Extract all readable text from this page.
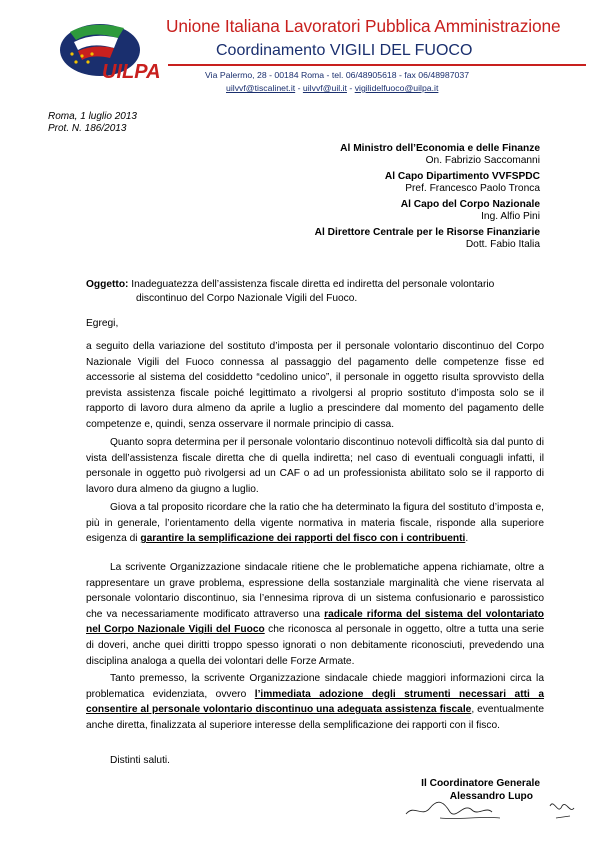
UILPA
Unione Italiana Lavoratori Pubblica Amministrazione
Coordinamento VIGILI DEL FUOCO
Via Palermo, 28 - 00184 Roma - tel. 06/48905618 - fax 06/48987037
uilvvf@tiscalinet.it - uilvvf@uil.it - vigilidelfuoco@uilpa.it
Roma, 1 luglio 2013
Prot. N. 186/2013
Al Ministro dell’Economia e delle Finanze
On. Fabrizio Saccomanni
Al Capo Dipartimento VVFSPDC
Pref. Francesco Paolo Tronca
Al Capo del Corpo Nazionale
Ing. Alfio Pini
Al Direttore Centrale per le Risorse Finanziarie
Dott. Fabio Italia
Oggetto: Inadeguatezza dell’assistenza fiscale diretta ed indiretta del personale volontario
discontinuo del Corpo Nazionale Vigili del Fuoco.
Egregi,
a seguito della variazione del sostituto d’imposta per il personale volontario discontinuo del Corpo Nazionale Vigili del Fuoco connessa al passaggio del pagamento delle competenze fisse ed accessorie al sistema del cosiddetto “cedolino unico”, il personale in oggetto risulta sprovvisto della prevista assistenza fiscale poiché legittimato a rivolgersi al proprio sostituto d’imposta solo se il rapporto di lavoro dura almeno da aprile a luglio a prescindere dal momento del pagamento delle competenze e, quindi, senza osservare il normale principio di cassa.
Quanto sopra determina per il personale volontario discontinuo notevoli difficoltà sia dal punto di vista dell’assistenza fiscale diretta che di quella indiretta; nel caso di eventuali conguagli infatti, il personale in oggetto può rivolgersi ad un CAF o ad un professionista abilitato solo se il rapporto di lavoro dura almeno da giugno a luglio.
Giova a tal proposito ricordare che la ratio che ha determinato la figura del sostituto d’imposta e, più in generale, l’orientamento della vigente normativa in materia fiscale, risponde alla superiore esigenza di garantire la semplificazione dei rapporti del fisco con i contribuenti.
La scrivente Organizzazione sindacale ritiene che le problematiche appena richiamate, oltre a rappresentare un grave problema, espressione della sostanziale marginalità che viene riservata al personale volontario discontinuo, sia l’ennesima riprova di un sistema confusionario e parossistico che va necessariamente modificato attraverso una radicale riforma del sistema del volontariato nel Corpo Nazionale Vigili del Fuoco che riconosca al personale in oggetto, oltre a tutta una serie di doveri, anche quei diritti troppo spesso ignorati o non debitamente riconosciuti, prevedendo una disciplina analoga a quella dei volontari delle Forze Armate.
Tanto premesso, la scrivente Organizzazione sindacale chiede maggiori informazioni circa la problematica evidenziata, ovvero l’immediata adozione degli strumenti necessari atti a consentire al personale volontario discontinuo una adeguata assistenza fiscale, eventualmente anche diretta, finalizzata al superiore interesse della semplificazione dei rapporti con il fisco.
Distinti saluti.
Il Coordinatore Generale
Alessandro Lupo
